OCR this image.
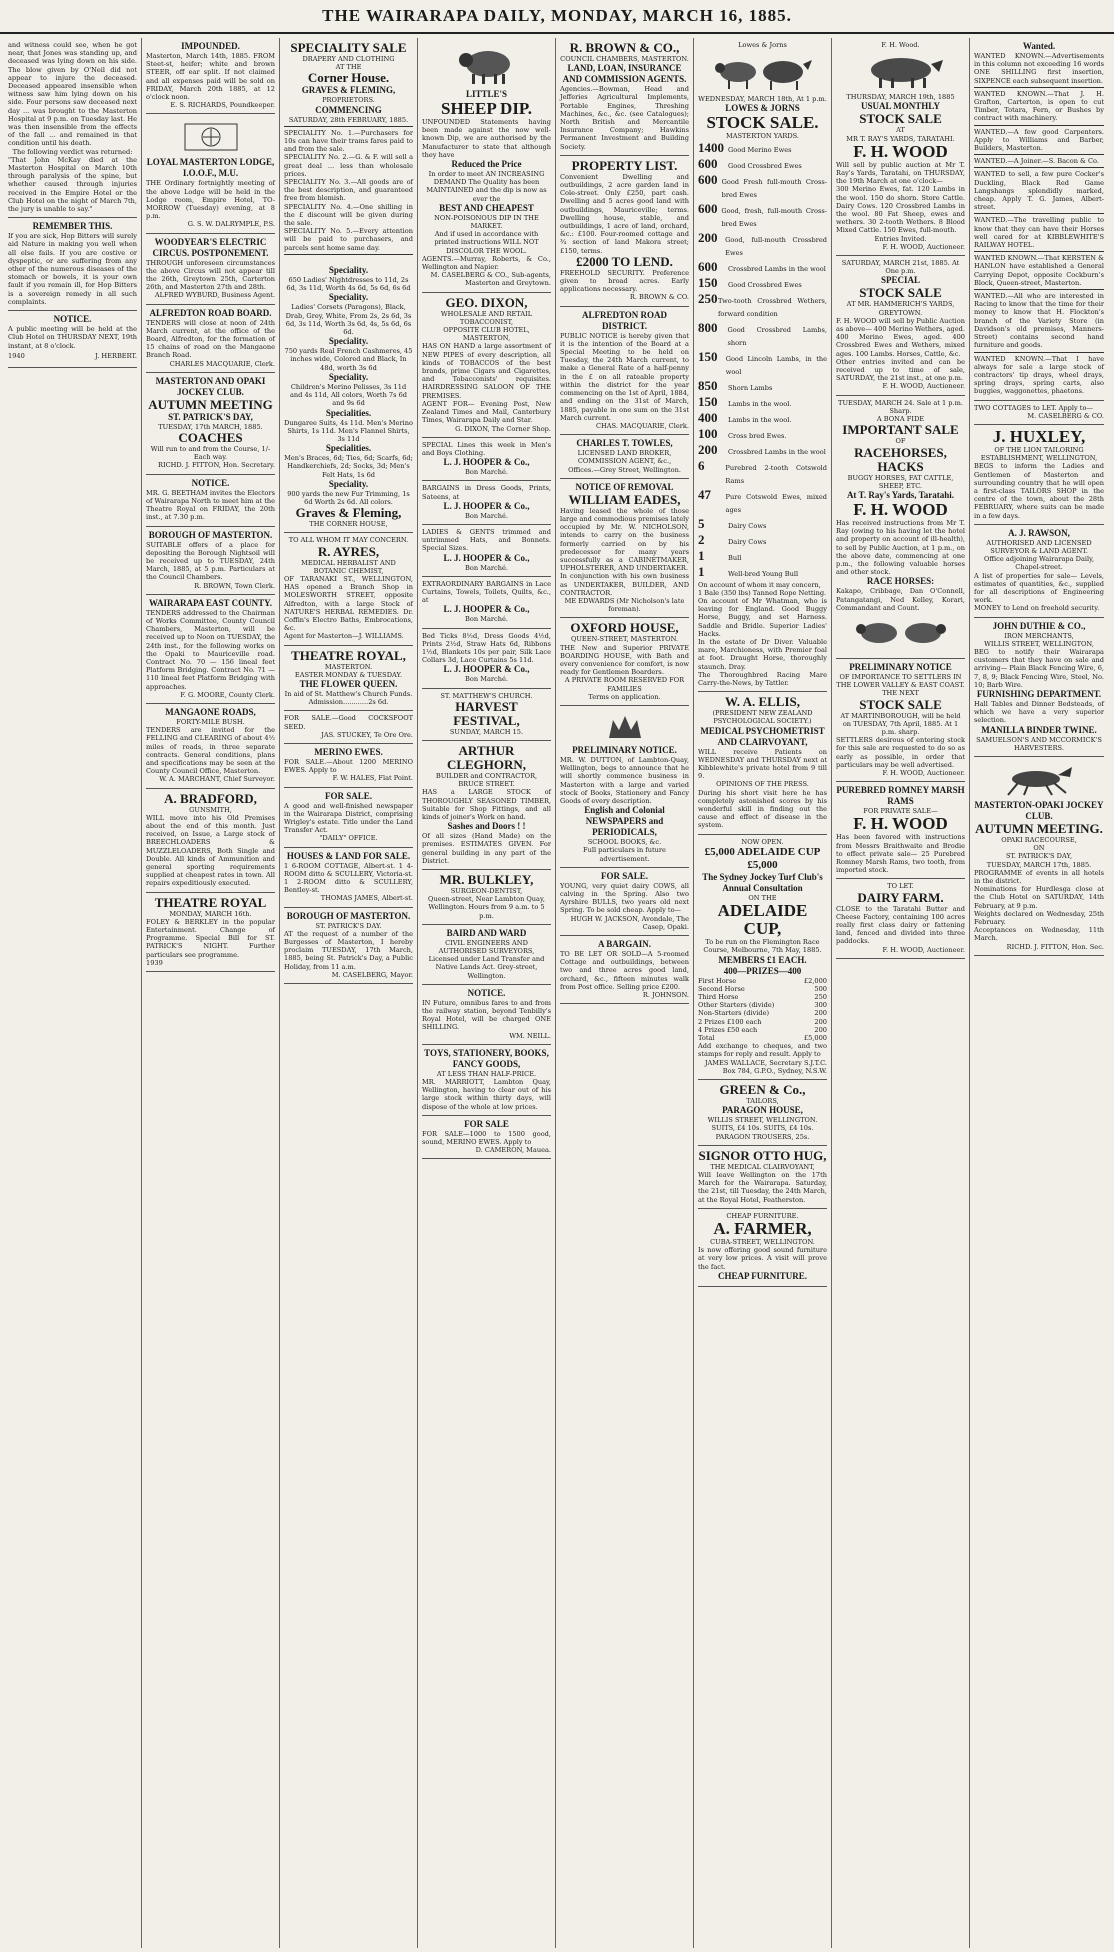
THE WAIRARAPA DAILY, MONDAY, MARCH 16, 1885.

and witness could see, when he got near, that Jones was standing up, and deceased was lying down on his side. The blow given by O'Neil did not appear to injure the deceased. Deceased appeared insensible when witness saw him lying down on his side. Four persons saw deceased next day ... was brought to the Masterton Hospital at 9 p.m. on Tuesday last. He was then insensible from the effects of the fall ... and remained in that condition until his death.

The following verdict was returned:

"That John McKay died at the Masterton Hospital on March 10th through paralysis of the spine, but whether caused through injuries received in the Empire Hotel or the Club Hotel on the night of March 7th, the jury is unable to say."

REMEMBER THIS.

If you are sick, Hop Bitters will surely aid Nature in making you well when all else fails. If you are costive or dyspeptic, or are suffering from any other of the numerous diseases of the stomach or bowels, it is your own fault if you remain ill, for Hop Bitters is a sovereign remedy in all such complaints.

NOTICE.

A public meeting will be held at the Club Hotel on THURSDAY NEXT, 19th instant, at 8 o'clock.

1940	J. HERBERT.

IMPOUNDED.

Masterton, March 14th, 1885. FROM Steet-st, heifer; white and brown STEER, off ear split. If not claimed and all expenses paid will be sold on FRIDAY, March 20th 1885, at 12 o'clock noon.

E. S. RICHARDS, Poundkeeper.

LOYAL MASTERTON LODGE, I.O.O.F., M.U.

THE Ordinary fortnightly meeting of the above Lodge will be held in the Lodge room, Empire Hotel, TO-MORROW (Tuesday) evening, at 8 p.m.

G. S. W. DALRYMPLE, P.S.

WOODYEAR'S ELECTRIC CIRCUS. POSTPONEMENT.

THROUGH unforeseen circumstances the above Circus will not appear till the 26th, Greytown 25th, Carterton 26th, and Masterton 27th and 28th.

ALFRED WYBURD, Business Agent.

ALFREDTON ROAD BOARD.

TENDERS will close at noon of 24th March current, at the office of the Board, Alfredton, for the formation of 15 chains of road on the Mangaone Branch Road.

CHARLES MACQUARIE, Clerk.

MASTERTON AND OPAKI JOCKEY CLUB.

AUTUMN MEETING

ST. PATRICK'S DAY,

TUESDAY, 17th MARCH, 1885.

COACHES

Will run to and from the Course, 1/- Each way.

RICHD. J. FITTON, Hon. Secretary.

NOTICE.

MR. G. BEETHAM invites the Electors of Wairarapa North to meet him at the Theatre Royal on FRIDAY, the 20th inst., at 7.30 p.m.

BOROUGH OF MASTERTON.

SUITABLE offers of a place for depositing the Borough Nightsoil will be received up to TUESDAY, 24th March, 1885, at 5 p.m. Particulars at the Council Chambers.

R. BROWN, Town Clerk.

WAIRARAPA EAST COUNTY.

TENDERS addressed to the Chairman of Works Committee, County Council Chambers, Masterton, will be received up to Noon on TUESDAY, the 24th inst., for the following works on the Opaki to Mauriceville road. Contract No. 70 — 156 lineal feet Platform Bridging. Contract No. 71 — 110 lineal feet Platform Bridging with approaches.

F. G. MOORE, County Clerk.

MANGAONE ROADS,

FORTY-MILE BUSH.

TENDERS are invited for the FELLING and CLEARING of about 4½ miles of roads, in three separate contracts. General conditions, plans and specifications may be seen at the County Council Office, Masterton.

W. A. MARCHANT, Chief Surveyor.

A. BRADFORD,

GUNSMITH,

WILL move into his Old Premises about the end of this month. Just received, on Issue, a Large stock of BREECHLOADERS & MUZZLELOADERS, Both Single and Double. All kinds of Ammunition and general sporting requirements supplied at cheapest rates in town. All repairs expeditiously executed.

THEATRE ROYAL

MONDAY, MARCH 16th.

FOLEY & BERKLEY in the popular Entertainment. Change of Programme. Special Bill for ST. PATRICK'S NIGHT. Further particulars see programme.

1939

SPECIALITY SALE

DRAPERY AND CLOTHING

AT THE

Corner House.

GRAVES & FLEMING,

PROPRIETORS.

COMMENCING

SATURDAY, 28th FEBRUARY, 1885.

SPECIALITY No. 1.—Purchasers for 10s can have their trams fares paid to and from the sale.

SPECIALITY No. 2.—G. & F. will sell a great deal ... less than wholesale prices.

SPECIALITY No. 3.—All goods are of the best description, and guaranteed free from blemish.

SPECIALITY No. 4.—One shilling in the £ discount will be given during the sale.

SPECIALITY No. 5.—Every attention will be paid to purchasers, and parcels sent home same day.

Speciality.

650 Ladies' Nightdresses to 11d, 2s 6d, 3s 11d, Worth 4s 6d, 5s 6d, 6s 6d

Speciality.

Ladies' Corsets (Paragons), Black, Drab, Grey, White, From 2s, 2s 6d, 3s 6d, 3s 11d, Worth 3s 6d, 4s, 5s 6d, 6s 6d.

Speciality.

750 yards Real French Cashmeres, 45 inches wide, Colored and Black, In 48d, worth 3s 6d

Speciality.

Children's Merino Pelisses, 3s 11d and 4s 11d, All colors, Worth 7s 6d and 9s 6d

Specialities.

Dungaree Suits, 4s 11d. Men's Merino Shirts, 1s 11d. Men's Flannel Shirts, 3s 11d

Specialities.

Men's Braces, 6d; Ties, 6d; Scarfs, 6d; Handkerchiefs, 2d; Socks, 3d; Men's Felt Hats, 1s 6d

Speciality.

900 yards the new Fur Trimming, 1s 6d Worth 2s 6d. All colors.

Graves & Fleming,

THE CORNER HOUSE,

TO ALL WHOM IT MAY CONCERN.

R. AYRES,

MEDICAL HERBALIST AND BOTANIC CHEMIST,

OF TARANAKI ST., WELLINGTON, HAS opened a Branch Shop in MOLESWORTH STREET, opposite Alfredton, with a large Stock of NATURE'S HERBAL REMEDIES. Dr. Coffin's Electro Baths, Embrocations, &c.

Agent for Masterton—J. WILLIAMS.

THEATRE ROYAL,

MASTERTON.

EASTER MONDAY & TUESDAY.

THE FLOWER QUEEN.

In aid of St. Matthew's Church Funds. Admission............2s 6d.

FOR SALE.—Good COCKSFOOT SEED.

JAS. STUCKEY, Te Ore Ore.

MERINO EWES.

FOR SALE.—About 1200 MERINO EWES. Apply to

F. W. HALES, Flat Point.

FOR SALE.

A good and well-finished newspaper in the Wairarapa District, comprising Wrigley's estate. Title under the Land Transfer Act.

"DAILY" OFFICE.

HOUSES & LAND FOR SALE.

1 6-ROOM COTTAGE, Albert-st. 1 4-ROOM ditto & SCULLERY, Victoria-st. 1 2-ROOM ditto & SCULLERY, Bentley-st.

THOMAS JAMES, Albert-st.

BOROUGH OF MASTERTON.

ST. PATRICK'S DAY.

AT the request of a number of the Burgesses of Masterton, I hereby proclaim TUESDAY, 17th March, 1885, being St. Patrick's Day, a Public Holiday, from 11 a.m.

M. CASELBERG, Mayor.

LITTLE'S

SHEEP DIP.

UNFOUNDED Statements having been made against the now well-known Dip, we are authorised by the Manufacturer to state that although they have

Reduced the Price

In order to meet AN INCREASING DEMAND The Quality has been MAINTAINED and the dip is now as ever the

BEST AND CHEAPEST

NON-POISONOUS DIP IN THE MARKET.

And if used in accordance with printed instructions WILL NOT DISCOLOR THE WOOL.

AGENTS.—Murray, Roberts, & Co., Wellington and Napier.

M. CASELBERG & CO., Sub-agents, Masterton and Greytown.

GEO. DIXON,

WHOLESALE AND RETAIL TOBACCONIST,

OPPOSITE CLUB HOTEL, MASTERTON,

HAS ON HAND a large assortment of NEW PIPES of every description, all kinds of TOBACCOS of the best brands, prime Cigars and Cigarettes, and Tobacconists' requisites. HAIRDRESSING SALOON OF THE PREMISES.

AGENT FOR— Evening Post, New Zealand Times and Mail, Canterbury Times, Wairarapa Daily and Star.

G. DIXON, The Corner Shop.

SPECIAL Lines this week in Men's and Boys Clothing.

L. J. HOOPER & Co.,

Bon Marché.

BARGAINS in Dress Goods, Prints, Sateens, at

L. J. HOOPER & Co.,

Bon Marché.

LADIES & GENTS trimmed and untrimmed Hats, and Bonnets. Special Sizes.

L. J. HOOPER & Co.,

Bon Marché.

EXTRAORDINARY BARGAINS in Lace Curtains, Towels, Toilets, Quilts, &c., at

L. J. HOOPER & Co.,

Bon Marché.

Bed Ticks 8½d, Dress Goods 4½d, Prints 2½d, Straw Hats 6d, Ribbons 1½d, Blankets 10s per pair, Silk Lace Collars 3d, Lace Curtains 5s 11d.

L. J. HOOPER & Co.,

Bon Marché.

ST. MATTHEW'S CHURCH.

HARVEST FESTIVAL,

SUNDAY, MARCH 15.

ARTHUR CLEGHORN,

BUILDER and CONTRACTOR,

BRUCE STREET.

HAS a LARGE STOCK of THOROUGHLY SEASONED TIMBER, Suitable for Shop Fittings, and all kinds of joiner's Work on hand.

Sashes and Doors ! !

Of all sizes (Hand Made) on the premises. ESTIMATES GIVEN. For general building in any part of the District.

MR. BULKLEY,

SURGEON-DENTIST,

Queen-street, Near Lambton Quay, Wellington. Hours from 9 a.m. to 5 p.m.

BAIRD AND WARD

CIVIL ENGINEERS AND AUTHORISED SURVEYORS,

Licensed under Land Transfer and Native Lands Act. Grey-street, Wellington.

NOTICE.

IN Future, omnibus fares to and from the railway station, beyond Tenbilly's Royal Hotel, will be charged ONE SHILLING.

WM. NEILL.

TOYS, STATIONERY, BOOKS, FANCY GOODS,

AT LESS THAN HALF-PRICE.

MR. MARRIOTT, Lambton Quay, Wellington, having to clear out of his large stock within thirty days, will dispose of the whole at low prices.

FOR SALE

FOR SALE—1000 to 1500 good, sound, MERINO EWES. Apply to

D. CAMERON, Mauea.

R. BROWN & CO.,

COUNCIL CHAMBERS, MASTERTON.

LAND, LOAN, INSURANCE AND COMMISSION AGENTS.

Agencies.—Bowman, Head and Jefferies Agricultural Implements, Portable Engines, Threshing Machines, &c., &c. (see Catalogues); North British and Mercantile Insurance Company; Hawkins Permanent Investment and Building Society.

PROPERTY LIST.

Convenient Dwelling and outbuildings, 2 acre garden land in Cole-street. Only £250, part cash. Dwelling and 5 acres good land with outbuildings, Mauriceville; terms. Dwelling house, stable, and outbuildings, 1 acre of land, orchard, &c.: £100. Four-roomed cottage and ¾ section of land Makora street; £150, terms.

£2000 TO LEND.

FREEHOLD SECURITY. Preference given to broad acres. Early applications necessary.

R. BROWN & CO.

ALFREDTON ROAD DISTRICT.

PUBLIC NOTICE is hereby given that it is the intention of the Board at a Special Meeting to be held on Tuesday, the 24th March current, to make a General Rate of a half-penny in the £ on all rateable property within the district for the year commencing on the 1st of April, 1884, and ending on the 31st of March, 1885, payable in one sum on the 31st March current.

CHAS. MACQUARIE, Clerk.

CHARLES T. TOWLES,

LICENSED LAND BROKER, COMMISSION AGENT, &c.,

Offices.—Grey Street, Wellington.

NOTICE OF REMOVAL

WILLIAM EADES,

Having leased the whole of those large and commodious premises lately occupied by Mr. W. NICHOLSON, intends to carry on the business formerly carried on by his predecessor for many years successfully as a CABINETMAKER, UPHOLSTERER, AND UNDERTAKER.

In conjunction with his own business as UNDERTAKER, BUILDER, AND CONTRACTOR.

ME EDWARDS (Mr Nicholson's late foreman).

OXFORD HOUSE,

QUEEN-STREET, MASTERTON.

THE New and Superior PRIVATE BOARDING HOUSE, with Bath and every convenience for comfort, is now ready for Gentlemen Boarders.

A PRIVATE ROOM RESERVED FOR FAMILIES

Terms on application.

PRELIMINARY NOTICE.

MR. W. DUTTON, of Lambton-Quay, Wellington, begs to announce that he will shortly commence business in Masterton with a large and varied stock of Books, Stationery and Fancy Goods of every description.

English and Colonial NEWSPAPERS and PERIODICALS,

SCHOOL BOOKS, &c.

Full particulars in future advertisement.

FOR SALE.

YOUNG, very quiet dairy COWS, all calving in the Spring. Also two Ayrshire BULLS, two years old next Spring. To be sold cheap. Apply to—

HUGH W. JACKSON, Avondale, The Casep, Opaki.

A BARGAIN.

TO BE LET OR SOLD—A 5-roomed Cottage and outbuildings, between two and three acres good land, orchard, &c., fifteen minutes walk from Post office. Selling price £200.

R. JOHNSON.

Lowes & Jorns

WEDNESDAY, MARCH 18th, At 1 p.m.

LOWES & JORNS

STOCK SALE.

MASTERTON YARDS.

1400 Good Merino Ewes
600	Good Crossbred Ewes
600 Good Fresh full-mouth Cross-bred Ewes
600 Good, fresh, full-mouth Cross-bred Ewes
200	Good, full-mouth Crossbred Ewes
600	Crossbred Lambs in the wool
150	Good Crossbred Ewes
250 Two-tooth Crossbred Wethers, forward condition
800	Good Crossbred Lambs, shorn
150	Good Lincoln Lambs, in the wool
850	Shorn Lambs
150	Lambs in the wool.
400	Lambs in the wool.
100	Cross bred Ewes.
200	Crossbred Lambs in the wool
6	Purebred 2-tooth Cotswold Rams
47	Pure Cotswold Ewes, mixed ages
5	Dairy Cows
2	Dairy Cows
1	Bull
1	Well-bred Young Bull

On account of whom it may concern,

1 Bale (350 lbs) Tanned Rope Netting.

On account of Mr Whatman, who is leaving for England. Good Buggy Horse, Buggy, and set Harness. Saddle and Bridle. Superior Ladies' Hacks.

In the estate of Dr Diver. Valuable mare, Marchioness, with Premier foal at foot. Draught Horse, thoroughly staunch. Dray.

The Thoroughbred Racing Mare Carry-the-News, by Tattler.

W. A. ELLIS,

(PRESIDENT NEW ZEALAND PSYCHOLOGICAL SOCIETY.)

MEDICAL PSYCHOMETRIST AND CLAIRVOYANT,

WILL receive Patients on WEDNESDAY and THURSDAY next at Kibblewhite's private hotel from 9 till 9.

OPINIONS OF THE PRESS.

During his short visit here he has completely astonished scores by his wonderful skill in finding out the cause and effect of disease in the system.

NOW OPEN.

£5,000 ADELAIDE CUP £5,000

The Sydney Jockey Turf Club's Annual Consultation

ON THE

ADELAIDE CUP,

To be run on the Flemington Race Course, Melbourne, 7th May, 1885.

MEMBERS £1 EACH.

400—PRIZES—400

First Horse	£2,000
Second Horse	500
Third Horse	250
Other Starters (divide)	300
Non-Starters (divide)	200
2 Prizes £100 each	200
4 Prizes £50 each	200
Total	£5,000

Add exchange to cheques, and two stamps for reply and result. Apply to

JAMES WALLACE, Secretary S.J.T.C. Box 784, G.P.O., Sydney, N.S.W.

GREEN & Co.,

TAILORS,

PARAGON HOUSE,

WILLIS STREET, WELLINGTON.

SUITS, £4 10s. SUITS, £4 10s.

PARAGON TROUSERS, 25s.

SIGNOR OTTO HUG,

THE MEDICAL CLAIRVOYANT,

Will leave Wellington on the 17th March for the Wairarapa. Saturday, the 21st, till Tuesday, the 24th March, at the Royal Hotel, Featherston.

CHEAP FURNITURE.

A. FARMER,

CUBA-STREET, WELLINGTON.

Is now offering good sound furniture at very low prices. A visit will prove the fact.

CHEAP FURNITURE.

F. H. Wood.

THURSDAY, MARCH 19th, 1885

USUAL MONTHLY

STOCK SALE

AT

MR T. RAY'S YARDS, TARATAHI.

F. H. WOOD

Will sell by public auction at Mr T. Ray's Yards, Taratahi, on THURSDAY, the 19th March at one o'clock—

300 Merino Ewes, fat. 120 Lambs in the wool. 150 do shorn. Store Cattle. Dairy Cows. 120 Crossbred Lambs in the wool. 80 Fat Sheep, ewes and wethers. 30 2-tooth Wethers. 8 Blood Mixed Cattle. 150 Ewes, full-mouth.

Entries Invited.

F. H. WOOD, Auctioneer.

SATURDAY, MARCH 21st, 1885. At One p.m.

SPECIAL

STOCK SALE

AT MR. HAMMERICH'S YARDS, GREYTOWN.

F. H. WOOD will sell by Public Auction as above— 400 Merino Wethers, aged. 400 Merino Ewes, aged. 400 Crossbred Ewes and Wethers, mixed ages. 100 Lambs. Horses, Cattle, &c.

Other entries invited and can be received up to time of sale, SATURDAY, the 21st inst., at one p.m.

F. H. WOOD, Auctioneer.

TUESDAY, MARCH 24. Sale at 1 p.m. Sharp.

A BONA FIDE

IMPORTANT SALE

OF

RACEHORSES, HACKS

BUGGY HORSES, FAT CATTLE, SHEEP, ETC.

At T. Ray's Yards, Taratahi.

F. H. WOOD

Has received instructions from Mr T. Ray (owing to his having let the hotel and property on account of ill-health), to sell by Public Auction, at 1 p.m., on the above date, commencing at one p.m., the following valuable horses and other stock.

RACE HORSES:

Kakapo, Cribbage, Dan O'Connell, Patangatangi, Ned Kelley, Korari, Commandant and Count.

PRELIMINARY NOTICE

OF IMPORTANCE TO SETTLERS IN THE LOWER VALLEY & EAST COAST.

THE NEXT

STOCK SALE

AT MARTINBOROUGH, will be held on TUESDAY, 7th April, 1885. At 1 p.m. sharp.

SETTLERS desirous of entering stock for this sale are requested to do so as early as possible, in order that particulars may be well advertised.

F. H. WOOD, Auctioneer.

PUREBRED ROMNEY MARSH RAMS

FOR PRIVATE SALE—

F. H. WOOD

Has been favored with instructions from Messrs Braithwaite and Brodie to effect private sale— 25 Purebred Romney Marsh Rams, two tooth, from imported stock.

TO LET.

DAIRY FARM.

CLOSE to the Taratahi Butter and Cheese Factory, containing 100 acres really first class dairy or fattening land, fenced and divided into three paddocks.

F. H. WOOD, Auctioneer.

Wanted.

WANTED KNOWN.—Advertisements in this column not exceeding 16 words ONE SHILLING first insertion, SIXPENCE each subsequent insertion.

WANTED KNOWN.—That J. H. Grafton, Carterton, is open to cut Timber, Totara, Fern, or Bushes by contract with machinery.

WANTED.—A few good Carpenters. Apply to Williams and Barber, Builders, Masterton.

WANTED.—A Joiner.—S. Bacon & Co.

WANTED to sell, a few pure Cocker's Duckling, Black Red Game Langshangs splendidly marked, cheap. Apply T. G. James, Albert-street.

WANTED.—The travelling public to know that they can have their Horses well cared for at KIBBLEWHITE'S RAILWAY HOTEL.

WANTED KNOWN.—That KERSTEN & HANLON have established a General Carrying Depot, opposite Cockburn's Block, Queen-street, Masterton.

WANTED.—All who are interested in Racing to know that the time for their money to know that H. Flockton's branch of the Variety Store (in Davidson's old premises, Manners-Street) contains second hand furniture and goods.

WANTED KNOWN.—That I have always for sale a large stock of contractors' tip drays, wheel drays, spring drays, spring carts, also buggies, waggonettes, phaetons.

TWO COTTAGES to LET. Apply to—

M. CASELBERG & CO.

J. HUXLEY,

OF THE LION TAILORING ESTABLISHMENT, WELLINGTON,

BEGS to inform the Ladies and Gentlemen of Masterton and surrounding country that he will open a first-class TAILORS SHOP in the centre of the town, about the 28th FEBRUARY, where suits can be made in a few days.

A. J. RAWSON,

AUTHORISED AND LICENSED SURVEYOR & LAND AGENT.

Office adjoining Wairarapa Daily, Chapel-street.

A list of properties for sale— Levels, estimates of quantities, &c., supplied for all descriptions of Engineering work.

MONEY to Lend on freehold security.

JOHN DUTHIE & CO.,

IRON MERCHANTS,

WILLIS STREET, WELLINGTON,

BEG to notify their Wairarapa customers that they have on sale and arriving— Plain Black Fencing Wire, 6, 7, 8, 9; Black Fencing Wire, Steel, No. 10; Barb Wire.

FURNISHING DEPARTMENT.

Hall Tables and Dinner Bedsteads, of which we have a very superior selection.

MANILLA BINDER TWINE.

SAMUELSON'S AND MCCORMICK'S HARVESTERS.

MASTERTON-OPAKI JOCKEY CLUB.

AUTUMN MEETING.

OPAKI RACECOURSE,

ON

ST. PATRICK'S DAY,

TUESDAY, MARCH 17th, 1885.

PROGRAMME of events in all hotels in the district.

Nominations for Hurdlesga close at the Club Hotel on SATURDAY, 14th February, at 9 p.m.

Weights declared on Wednesday, 25th February.

Acceptances on Wednesday, 11th March.

RICHD. J. FITTON, Hon. Sec.
